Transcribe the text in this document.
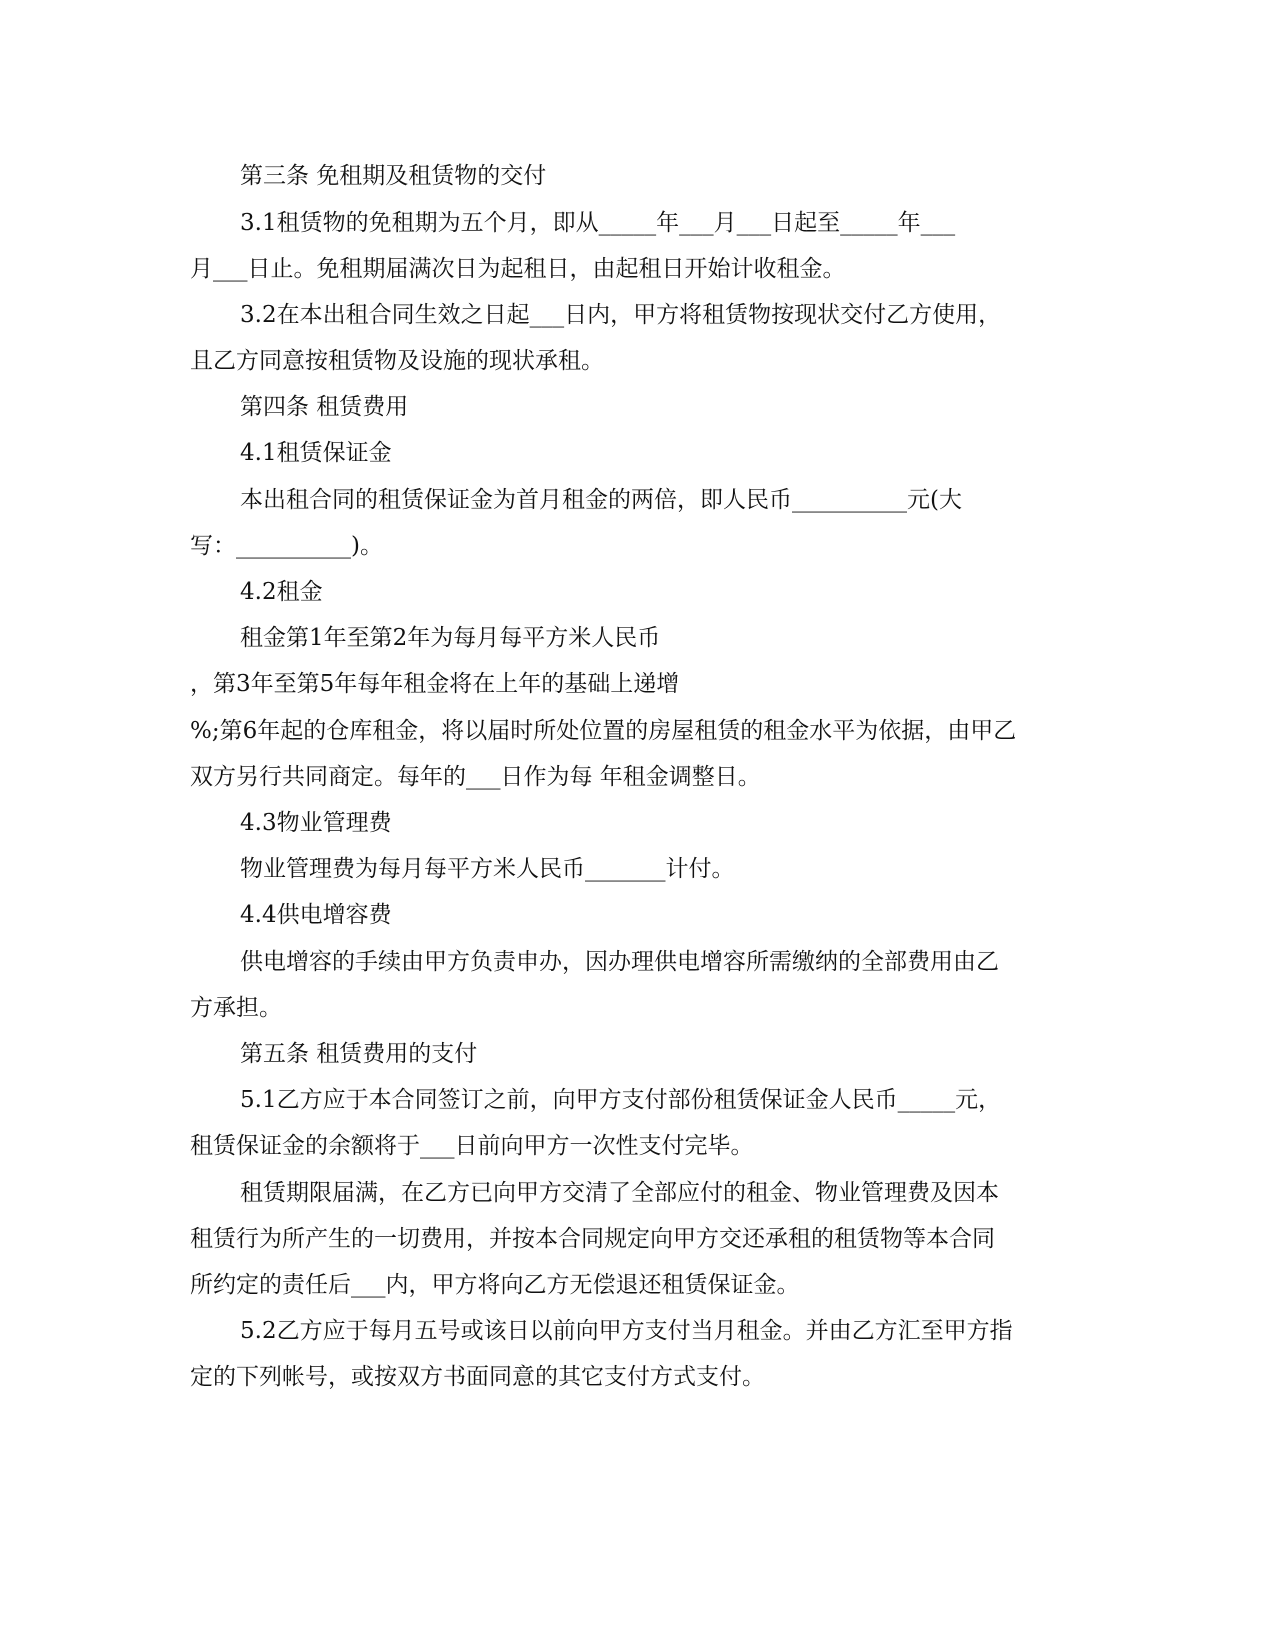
第三条 免租期及租赁物的交付

3.1租赁物的免租期为五个月，即从_____年___月___日起至_____年___

月___日止。免租期届满次日为起租日，由起租日开始计收租金。

3.2在本出租合同生效之日起___日内，甲方将租赁物按现状交付乙方使用，

且乙方同意按租赁物及设施的现状承租。

第四条 租赁费用

4.1租赁保证金

本出租合同的租赁保证金为首月租金的两倍，即人民币__________元(大

写：__________)。

4.2租金

租金第1年至第2年为每月每平方米人民币

，第3年至第5年每年租金将在上年的基础上递增

%;第6年起的仓库租金，将以届时所处位置的房屋租赁的租金水平为依据，由甲乙

双方另行共同商定。每年的___日作为每 年租金调整日。

4.3物业管理费

物业管理费为每月每平方米人民币_______计付。

4.4供电增容费

供电增容的手续由甲方负责申办，因办理供电增容所需缴纳的全部费用由乙

方承担。

第五条 租赁费用的支付

5.1乙方应于本合同签订之前，向甲方支付部份租赁保证金人民币_____元，

租赁保证金的余额将于___日前向甲方一次性支付完毕。

租赁期限届满，在乙方已向甲方交清了全部应付的租金、物业管理费及因本

租赁行为所产生的一切费用，并按本合同规定向甲方交还承租的租赁物等本合同

所约定的责任后___内，甲方将向乙方无偿退还租赁保证金。

5.2乙方应于每月五号或该日以前向甲方支付当月租金。并由乙方汇至甲方指

定的下列帐号，或按双方书面同意的其它支付方式支付。
